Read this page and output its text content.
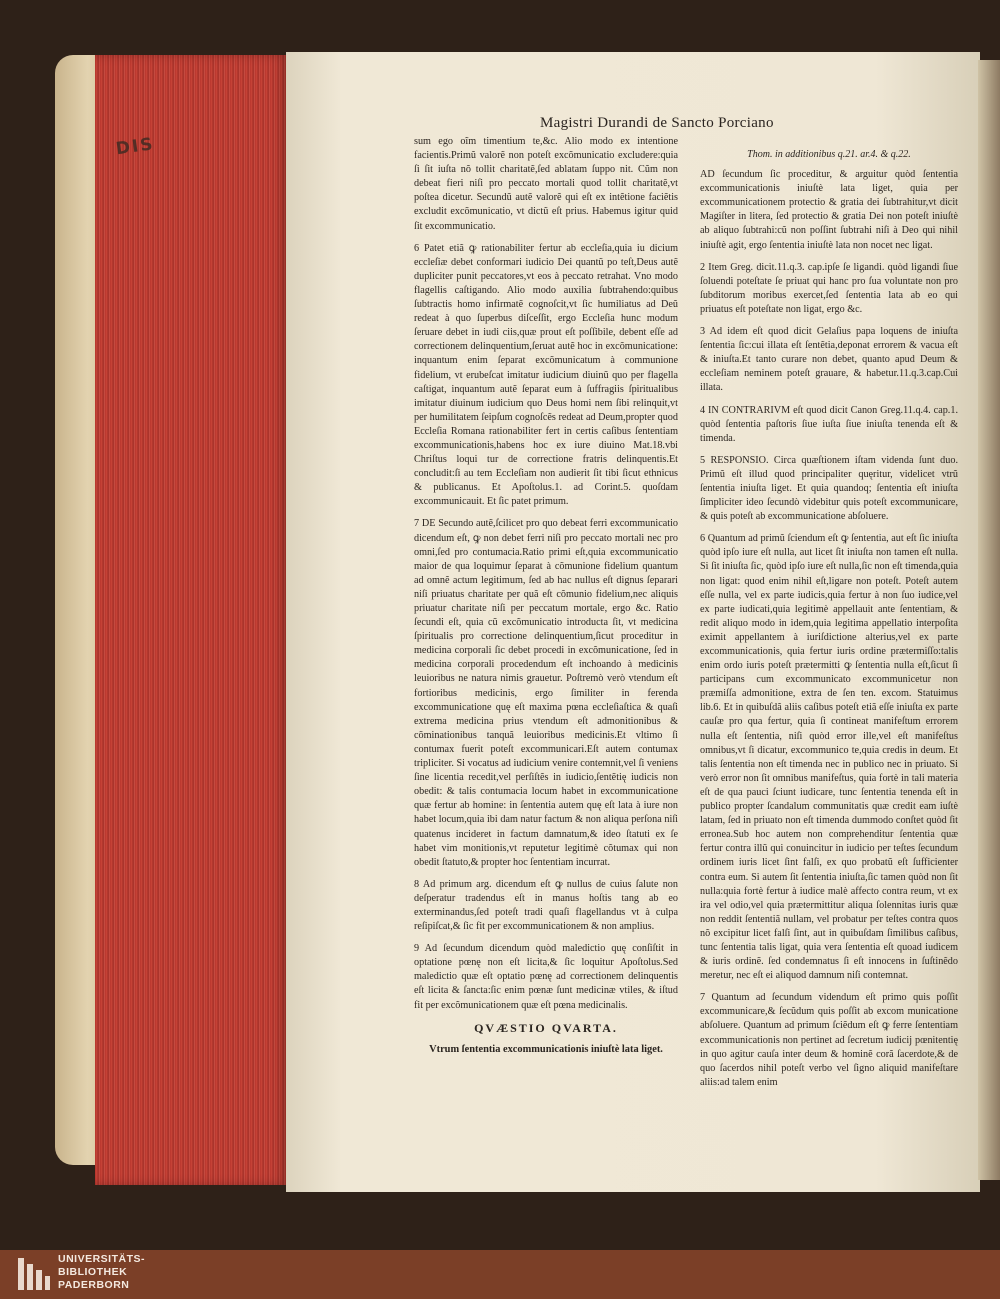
DIS
Magistri Durandi de Sancto Porciano

sum ego oĩm timentium te,&c. Alio modo ex intentione facientis.Primũ valorẽ non poteſt excõmunicatio excludere:quia ſi ſit iuſta nõ tollit charitatẽ,ſed ablatam ſuppo nit. Cũm non debeat fieri niſi pro peccato mortali quod tollit charitatẽ,vt poſtea dicetur. Secundũ autẽ valorẽ qui eſt ex intẽtione faciẽtis excludit excõmunicatio, vt dictũ eſt prius. Habemus igitur quid ſit excommunicatio.

6 Patet etiã ꝙ rationabiliter fertur ab eccleſia,quia iu dicium eccleſiæ debet conformari iudicio Dei quantũ po teſt,Deus autẽ dupliciter punit peccatores,vt eos à peccato retrahat. Vno modo flagellis caſtigando. Alio modo auxilia ſubtrahendo:quibus ſubtractis homo infirmatẽ cognoſcit,vt ſic humiliatus ad Deũ redeat à quo ſuperbus diſceſſit, ergo Eccleſia hunc modum ſeruare debet in iudi ciis,quæ prout eſt poſſibile, debent eſſe ad correctionem delinquentium,ſeruat autẽ hoc in excõmunicatione: inquantum enim ſeparat excõmunicatum à communione fidelium, vt erubeſcat imitatur iudicium diuinũ quo per flagella caſtigat, inquantum autẽ ſeparat eum à ſuffragiis ſpiritualibus imitatur diuinum iudicium quo Deus homi nem ſibi relinquit,vt per humilitatem ſeipſum cognoſcẽs redeat ad Deum,propter quod Eccleſia Romana rationabiliter fert in certis caſibus ſententiam excommunicationis,habens hoc ex iure diuino Mat.18.vbi Chriſtus loqui tur de correctione fratris delinquentis.Et concludit:ſi au tem Eccleſiam non audierit ſit tibi ſicut ethnicus & publicanus. Et Apoſtolus.1. ad Corint.5. quoſdam excommunicauit. Et ſic patet primum.

7 DE Secundo autẽ,ſcilicet pro quo debeat ferri excommunicatio dicendum eſt, ꝙ non debet ferri niſi pro peccato mortali nec pro omni,ſed pro contumacia.Ratio primi eſt,quia excommunicatio maior de qua loquimur ſeparat à cõmunione fidelium quantum ad omnẽ actum legitimum, ſed ab hac nullus eſt dignus ſeparari niſi priuatus charitate per quã eſt cõmunio fidelium,nec aliquis priuatur charitate niſi per peccatum mortale, ergo &c. Ratio ſecundi eſt, quia cũ excõmunicatio introducta ſit, vt medicina ſpiritualis pro correctione delinquentium,ſicut proceditur in medicina corporali ſic debet procedi in excõmunicatione, ſed in medicina corporali procedendum eſt inchoando à medicinis leuioribus ne natura nimis grauetur. Poſtremò verò vtendum eſt fortioribus medicinis, ergo ſimiliter in ferenda excommunicatione quę eſt maxima pœna eccleſiaſtica & quaſi extrema medicina prius vtendum eſt admonitionibus & cõminationibus tanquã leuioribus medicinis.Et vltimo ſi contumax fuerit poteſt excommunicari.Eſt autem contumax tripliciter. Si vocatus ad iudicium venire contemnit,vel ſi veniens ſine licentia recedit,vel perſiſtẽs in iudicio,ſentẽtię iudicis non obedit: & talis contumacia locum habet in excommunicatione quæ fertur ab homine: in ſententia autem quę eſt lata à iure non habet locum,quia ibi dam natur factum & non aliqua perſona niſi quatenus incideret in factum damnatum,& ideo ſtatuti ex ſe habet vim monitionis,vt reputetur legitimè cõtumax qui non obedit ſtatuto,& propter hoc ſententiam incurrat.

8 Ad primum arg. dicendum eſt ꝙ nullus de cuius ſalute non deſperatur tradendus eſt in manus hoſtis tang ab eo exterminandus,ſed poteſt tradi quaſi flagellandus vt à culpa reſipiſcat,& ſic fit per excommunicationem & non amplius.

9 Ad ſecundum dicendum quòd maledictio quę conſiſtit in optatione pœnę non eſt licita,& ſic loquitur Apoſtolus.Sed maledictio quæ eſt optatio pœnę ad correctionem delinquentis eſt licita & ſancta:ſic enim pœnæ ſunt medicinæ vtiles, & iſtud fit per excõmunicationem quæ eſt pœna medicinalis.

QVÆSTIO QVARTA.

Vtrum ſententia excommunicationis iniuſtè lata liget.

Thom. in additionibus q.21. ar.4. & q.22.

AD ſecundum ſic proceditur, & arguitur quòd ſententia excommunicationis iniuſtè lata liget, quia per excommunicationem protectio & gratia dei ſubtrahitur,vt dicit Magiſter in litera, ſed protectio & gratia Dei non poteſt iniuſtè ab aliquo ſubtrahi:cũ non poſſint ſubtrahi niſi à Deo qui nihil iniuſtè agit, ergo ſententia iniuſtè lata non nocet nec ligat.

2 Item Greg. dicit.11.q.3. cap.ipſe ſe ligandi. quòd ligandi ſiue ſoluendi poteſtate ſe priuat qui hanc pro ſua voluntate non pro ſubditorum moribus exercet,ſed ſententia lata ab eo qui priuatus eſt poteſtate non ligat, ergo &c.

3 Ad idem eſt quod dicit Gelaſius papa loquens de iniuſta ſententia ſic:cui illata eſt ſentẽtia,deponat errorem & vacua eſt & iniuſta.Et tanto curare non debet, quanto apud Deum & eccleſiam neminem poteſt grauare, & habetur.11.q.3.cap.Cui illata.

4 IN CONTRARIVM eſt quod dicit Canon Greg.11.q.4. cap.1. quòd ſententia paſtoris ſiue iuſta ſiue iniuſta tenenda eſt & timenda.

5 RESPONSIO. Circa quæſtionem iſtam videnda ſunt duo. Primũ eſt illud quod principaliter quęritur, videlicet vtrũ ſententia iniuſta liget. Et quia quandoq; ſententia eſt iniuſta ſimpliciter ideo ſecundò videbitur quis poteſt excommunicare, & quis poteſt ab excommunicatione abſoluere.

6 Quantum ad primũ ſciendum eſt ꝙ ſententia, aut eſt ſic iniuſta quòd ipſo iure eſt nulla, aut licet ſit iniuſta non tamen eſt nulla. Si ſit iniuſta ſic, quòd ipſo iure eſt nulla,ſic non eſt timenda,quia non ligat: quod enim nihil eſt,ligare non poteſt. Poteſt autem eſſe nulla, vel ex parte iudicis,quia fertur à non ſuo iudice,vel ex parte iudicati,quia legitimè appellauit ante ſententiam, & redit aliquo modo in idem,quia legitima appellatio interpoſita eximit appellantem à iuriſdictione alterius,vel ex parte excommunicationis, quia fertur iuris ordine prætermiſſo:talis enim ordo iuris poteſt prætermitti ꝙ ſententia nulla eſt,ſicut ſi participans cum excommunicato excommunicetur non præmiſſa admonitione, extra de ſen ten. excom. Statuimus lib.6. Et in quibuſdã aliis caſibus poteſt etiã eſſe iniuſta ex parte cauſæ pro qua fertur, quia ſi contineat manifeſtum errorem nulla eſt ſententia, niſi quòd error ille,vel eſt manifeſtus omnibus,vt ſi dicatur, excommunico te,quia credis in deum. Et talis ſententia non eſt timenda nec in publico nec in priuato. Si verò error non ſit omnibus manifeſtus, quia fortè in tali materia eſt de qua pauci ſciunt iudicare, tunc ſententia tenenda eſt in publico propter ſcandalum communitatis quæ credit eam iuſtè latam, ſed in priuato non eſt timenda dummodo conſtet quòd ſit erronea.Sub hoc autem non comprehenditur ſententia quæ fertur contra illũ qui conuincitur in iudicio per teſtes ſecundum ordinem iuris licet ſint falſi, ex quo probatũ eſt ſufficienter contra eum. Si autem ſit ſententia iniuſta,ſic tamen quòd non ſit nulla:quia fortè fertur à iudice malè affecto contra reum, vt ex ira vel odio,vel quia prætermittitur aliqua ſolennitas iuris quæ non reddit ſententiã nullam, vel probatur per teſtes contra quos nõ excipitur licet falſi ſint, aut in quibuſdam ſimilibus caſibus, tunc ſententia talis ligat, quia vera ſententia eſt quoad iudicem & iuris ordinẽ. ſed condemnatus ſi eſt innocens in ſuſtinẽdo meretur, nec eſt ei aliquod damnum niſi contemnat.

7 Quantum ad ſecundum videndum eſt primo quis poſſit excommunicare,& ſecũdum quis poſſit ab excom municatione abſoluere. Quantum ad primum ſciẽdum eſt ꝙ ferre ſententiam excommunicationis non pertinet ad ſecretum iudicij pœnitentię in quo agitur cauſa inter deum & hominẽ corã ſacerdote,& de quo ſacerdos nihil poteſt verbo vel ſigno aliquid manifeſtare aliis:ad talem enim

UNIVERSITÄTS-
BIBLIOTHEK
PADERBORN
